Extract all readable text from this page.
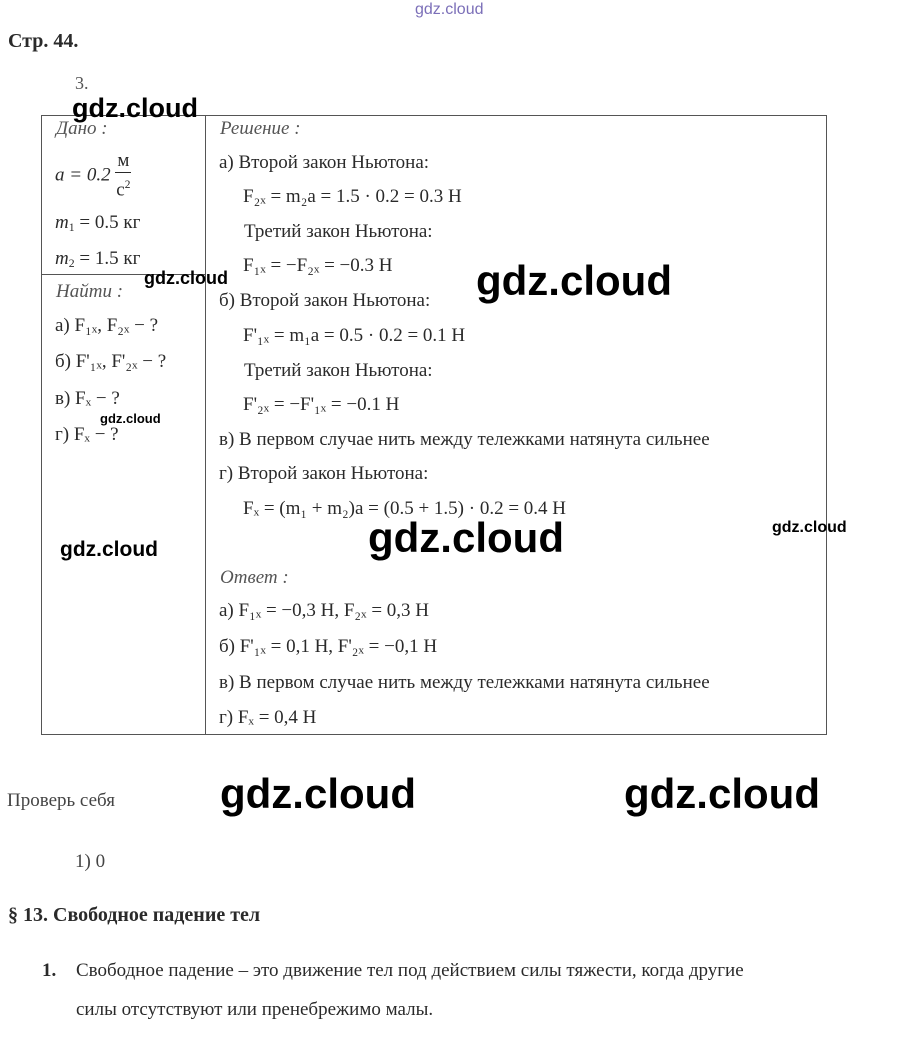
gdz.cloud
Стр. 44.
3.
Дано :
$a = 0.2 \frac{м}{с^2}$
$m_1 = 0.5$ кг
$m_2 = 1.5$ кг
Найти :
а) F₁ₓ, F₂ₓ − ?
б) F'₁ₓ, F'₂ₓ − ?
в) Fₓ − ?
г) Fₓ − ?
Решение :
а) Второй закон Ньютона:
F₂ₓ = m₂a = 1.5 · 0.2 = 0.3 Н
Третий закон Ньютона:
F₁ₓ = −F₂ₓ = −0.3 Н
б) Второй закон Ньютона:
F'₁ₓ = m₁a = 0.5 · 0.2 = 0.1 Н
Третий закон Ньютона:
F'₂ₓ = −F'₁ₓ = −0.1 Н
в) В первом случае нить между тележками натянута сильнее
г) Второй закон Ньютона:
Fₓ = (m₁ + m₂)a = (0.5 + 1.5) · 0.2 = 0.4 Н
Ответ :
а) F₁ₓ = −0,3 Н, F₂ₓ = 0,3 Н
б) F'₁ₓ = 0,1 Н, F'₂ₓ = −0,1 Н
в) В первом случае нить между тележками натянута сильнее
г) Fₓ = 0,4 Н
Проверь себя
1) 0
§ 13. Свободное падение тел
1. Свободное падение – это движение тел под действием силы тяжести, когда другие
силы отсутствуют или пренебрежимо малы.
gdz.cloud
gdz.cloud	gdz.cloud
gdz.cloud
gdz.cloud
gdz.cloud
gdz.cloud
gdz.cloud	gdz.cloud
